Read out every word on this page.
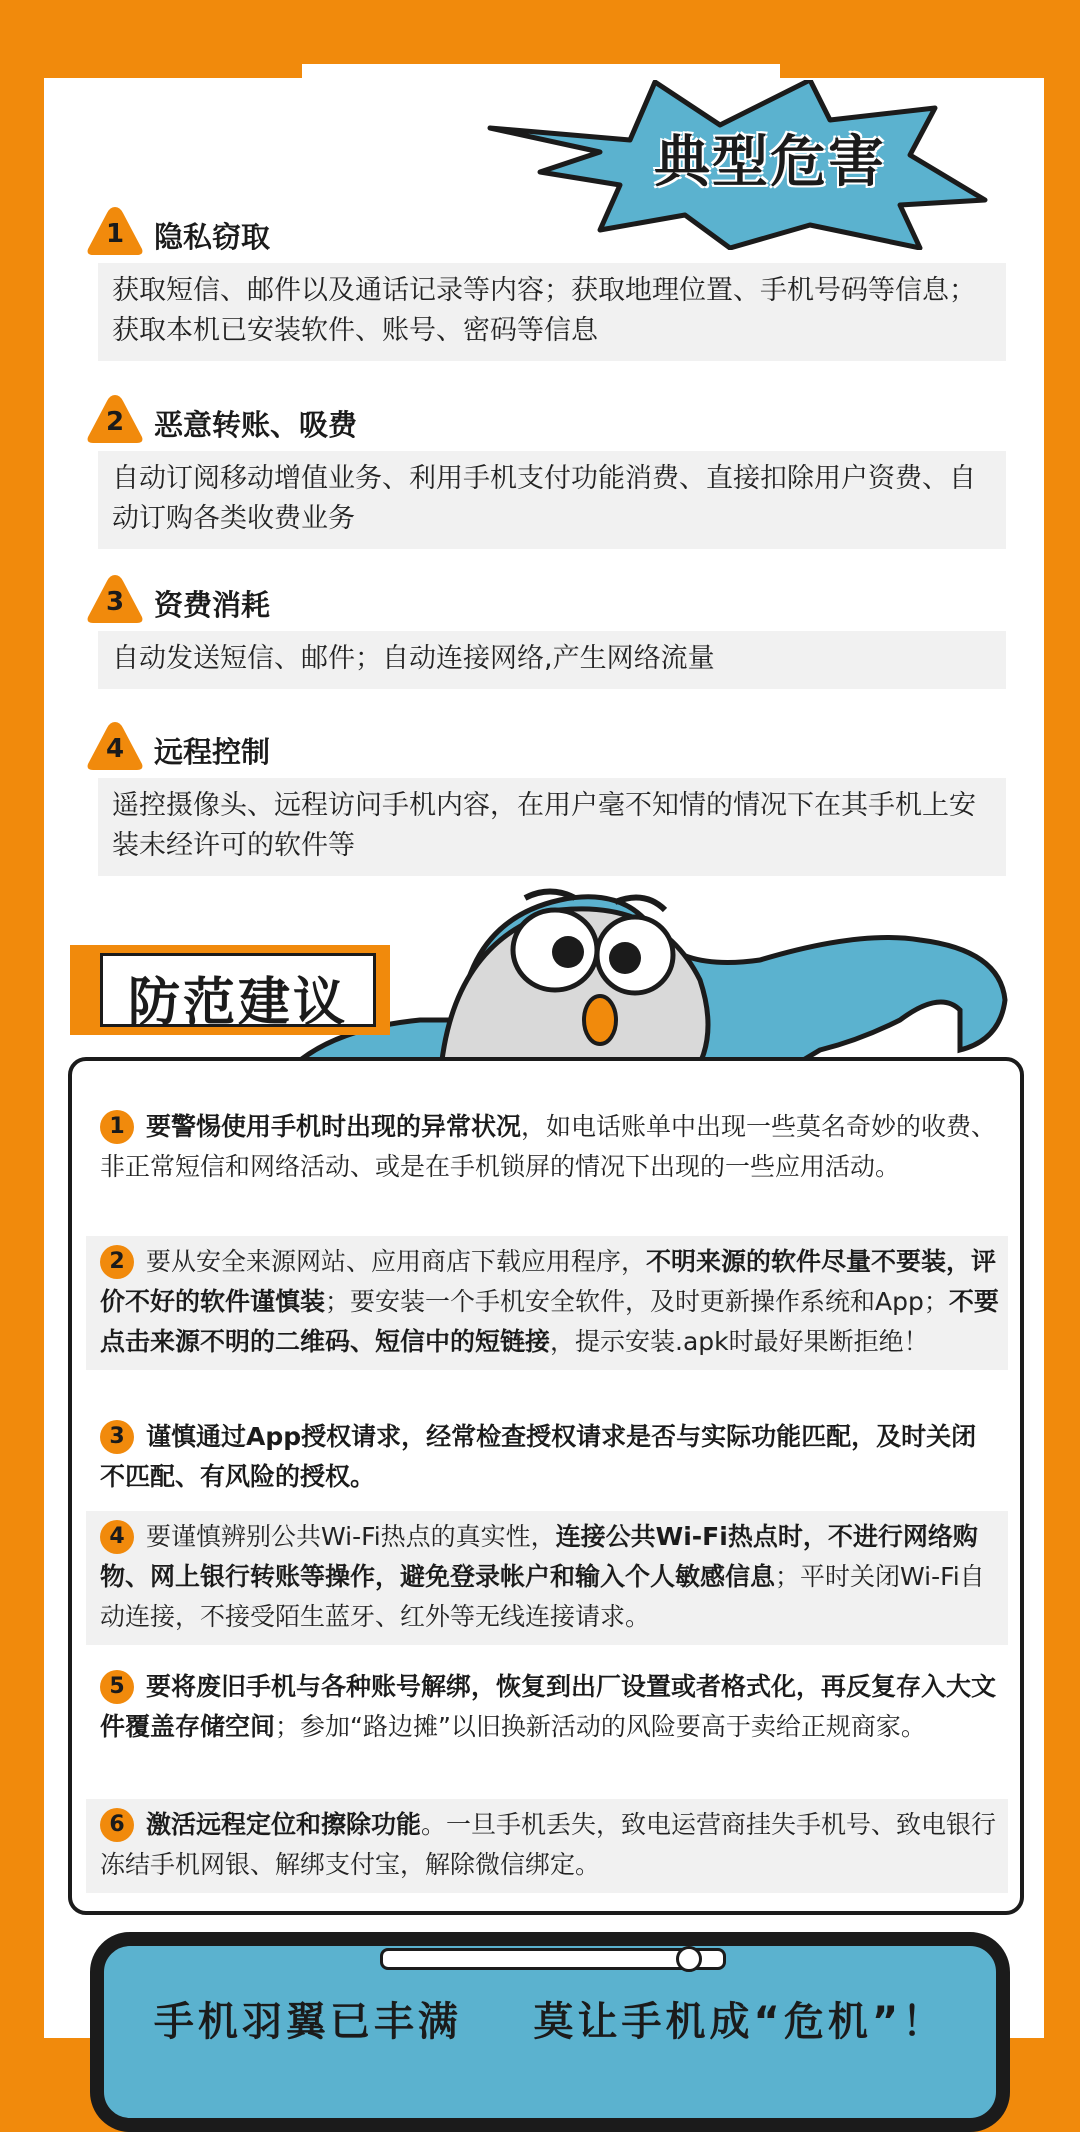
典型危害
1	隐私窃取
获取短信、邮件以及通话记录等内容；获取地理位置、手机号码等信息；获取本机已安装软件、账号、密码等信息
2	恶意转账、吸费
自动订阅移动增值业务、利用手机支付功能消费、直接扣除用户资费、自动订购各类收费业务
3	资费消耗
自动发送短信、邮件；自动连接网络,产生网络流量
4	远程控制
遥控摄像头、远程访问手机内容，在用户毫不知情的情况下在其手机上安装未经许可的软件等
防范建议
1 要警惕使用手机时出现的异常状况，如电话账单中出现一些莫名奇妙的收费、非正常短信和网络活动、或是在手机锁屏的情况下出现的一些应用活动。
2 要从安全来源网站、应用商店下载应用程序，不明来源的软件尽量不要装，评价不好的软件谨慎装；要安装一个手机安全软件，及时更新操作系统和App；不要点击来源不明的二维码、短信中的短链接，提示安装.apk时最好果断拒绝！
3 谨慎通过App授权请求，经常检查授权请求是否与实际功能匹配，及时关闭不匹配、有风险的授权。
4 要谨慎辨别公共Wi-Fi热点的真实性，连接公共Wi-Fi热点时，不进行网络购物、网上银行转账等操作，避免登录帐户和输入个人敏感信息；平时关闭Wi-Fi自动连接，不接受陌生蓝牙、红外等无线连接请求。
5 要将废旧手机与各种账号解绑，恢复到出厂设置或者格式化，再反复存入大文件覆盖存储空间；参加“路边摊”以旧换新活动的风险要高于卖给正规商家。
6 激活远程定位和擦除功能。一旦手机丢失，致电运营商挂失手机号、致电银行冻结手机网银、解绑支付宝，解除微信绑定。
手机羽翼已丰满    莫让手机成“危机”！
